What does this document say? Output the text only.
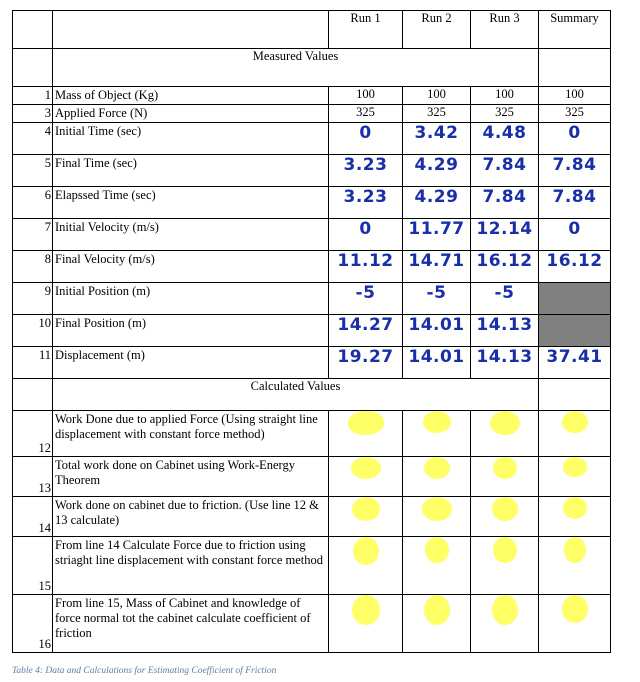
		Run 1	Run 2	Run 3	Summary
	Measured Values				
1	Mass of Object (Kg)	100	100	100	100
3	Applied Force (N)	325	325	325	325
4	Initial Time (sec)	0	3.42	4.48	0
5	Final Time (sec)	3.23	4.29	7.84	7.84
6	Elapssed Time (sec)	3.23	4.29	7.84	7.84
7	Initial Velocity (m/s)	0	11.77	12.14	0
8	Final Velocity (m/s)	11.12	14.71	16.12	16.12
9	Initial Position (m)	-5	-5	-5	
10	Final Position (m)	14.27	14.01	14.13	
11	Displacement (m)	19.27	14.01	14.13	37.41
	Calculated Values				
12	Work Done due to applied Force (Using straight line displacement with constant force method)				
13	Total work done on Cabinet using Work-Energy Theorem				
14	Work done on cabinet due to friction. (Use line 12 & 13 calculate)				
15	From line 14 Calculate Force due to friction using striaght line displacement with constant force method				
16	From line 15, Mass of Cabinet and knowledge of force normal tot the cabinet calculate coefficient of friction				
Table 4: Data and Calculations for Estimating Coefficient of Friction
